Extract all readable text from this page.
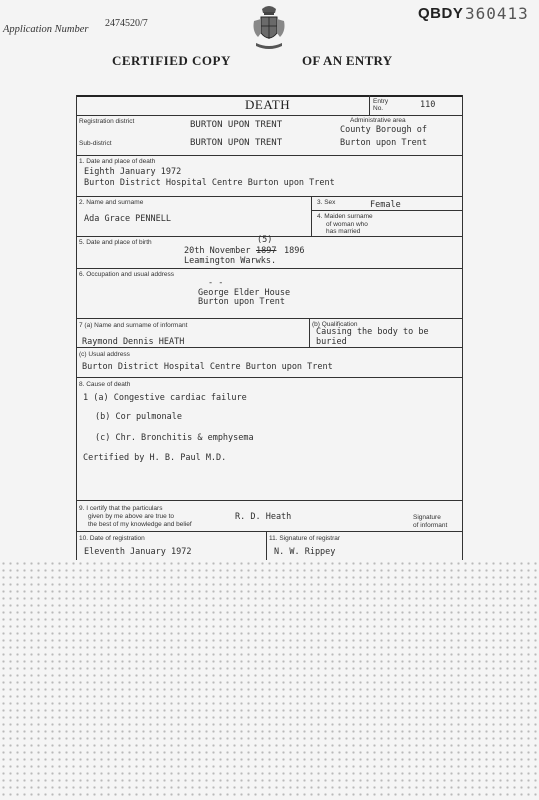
Application Number
2474520/7
QBDY 360413
CERTIFIED COPY	OF AN ENTRY
DEATH	Entry No.	110
Registration district	BURTON UPON TRENT	Administrative area
County Borough of
Burton upon Trent
Sub-district	BURTON UPON TRENT
1. Date and place of death
Eighth January 1972
Burton District Hospital Centre Burton upon Trent
2. Name and surname
Ada Grace PENNELL
3. Sex	Female
4. Maiden surname
of woman who
has married
5. Date and place of birth	(5)
20th November 1897 1896
Leamington Warwks.
6. Occupation and usual address
- -
George Elder House
Burton upon Trent
7 (a) Name and surname of informant
Raymond Dennis HEATH
(b) Qualification
Causing the body to be
buried
(c) Usual address
Burton District Hospital Centre Burton upon Trent
8. Cause of death
1 (a) Congestive cardiac failure
(b) Cor pulmonale
(c) Chr. Bronchitis & emphysema
Certified by H. B. Paul M.D.
9. I certify that the particulars
given by me above are true to
the best of my knowledge and belief
R. D. Heath	Signature
of informant
10. Date of registration
Eleventh January 1972
11. Signature of registrar
N. W. Rippey
